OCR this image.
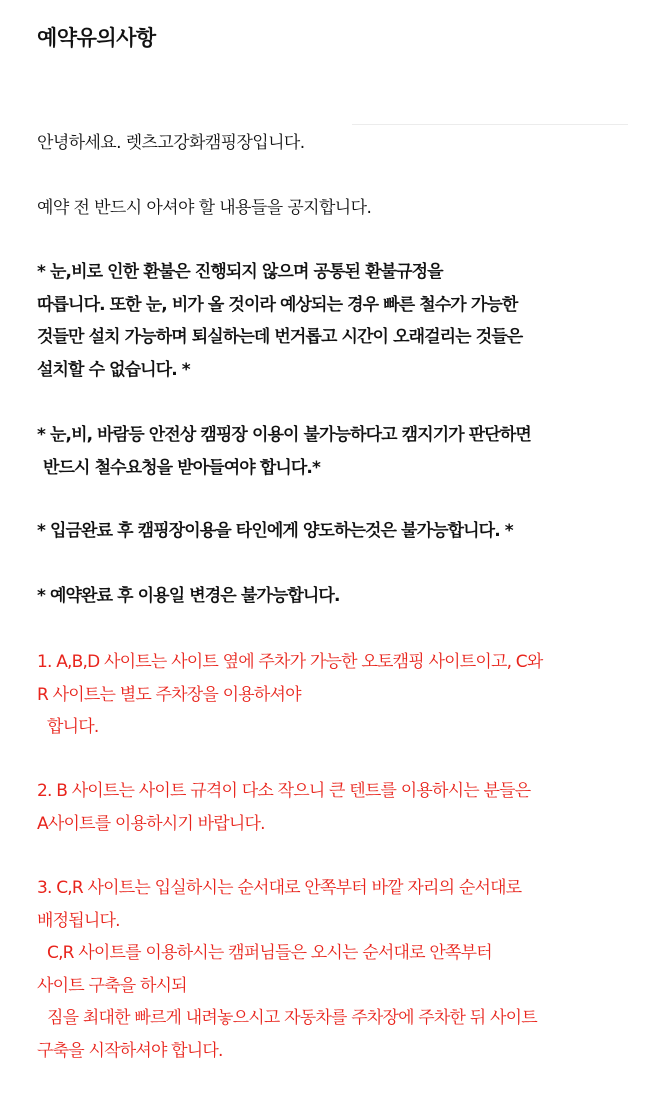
예약유의사항

안녕하세요. 렛츠고강화캠핑장입니다.

예약 전 반드시 아셔야 할 내용들을 공지합니다.

* 눈,비로 인한 환불은 진행되지 않으며 공통된 환불규정을
따릅니다. 또한 눈, 비가 올 것이라 예상되는 경우 빠른 철수가 가능한
것들만 설치 가능하며 퇴실하는데 번거롭고 시간이 오래걸리는 것들은
설치할 수 없습니다. *
* 눈,비, 바람등 안전상 캠핑장 이용이 불가능하다고 캠지기가 판단하면
반드시 철수요청을 받아들여야 합니다.*
* 입금완료 후 캠핑장이용을 타인에게 양도하는것은 불가능합니다. *
* 예약완료 후 이용일 변경은 불가능합니다.
1. A,B,D 사이트는 사이트 옆에 주차가 가능한 오토캠핑 사이트이고, C와
R 사이트는 별도 주차장을 이용하셔야
합니다.
2. B 사이트는 사이트 규격이 다소 작으니 큰 텐트를 이용하시는 분들은
A사이트를 이용하시기 바랍니다.
3. C,R 사이트는 입실하시는 순서대로 안쪽부터 바깥 자리의 순서대로
배정됩니다.
C,R 사이트를 이용하시는 캠퍼님들은 오시는 순서대로 안쪽부터
사이트 구축을 하시되
짐을 최대한 빠르게 내려놓으시고 자동차를 주차장에 주차한 뒤 사이트
구축을 시작하셔야 합니다.
